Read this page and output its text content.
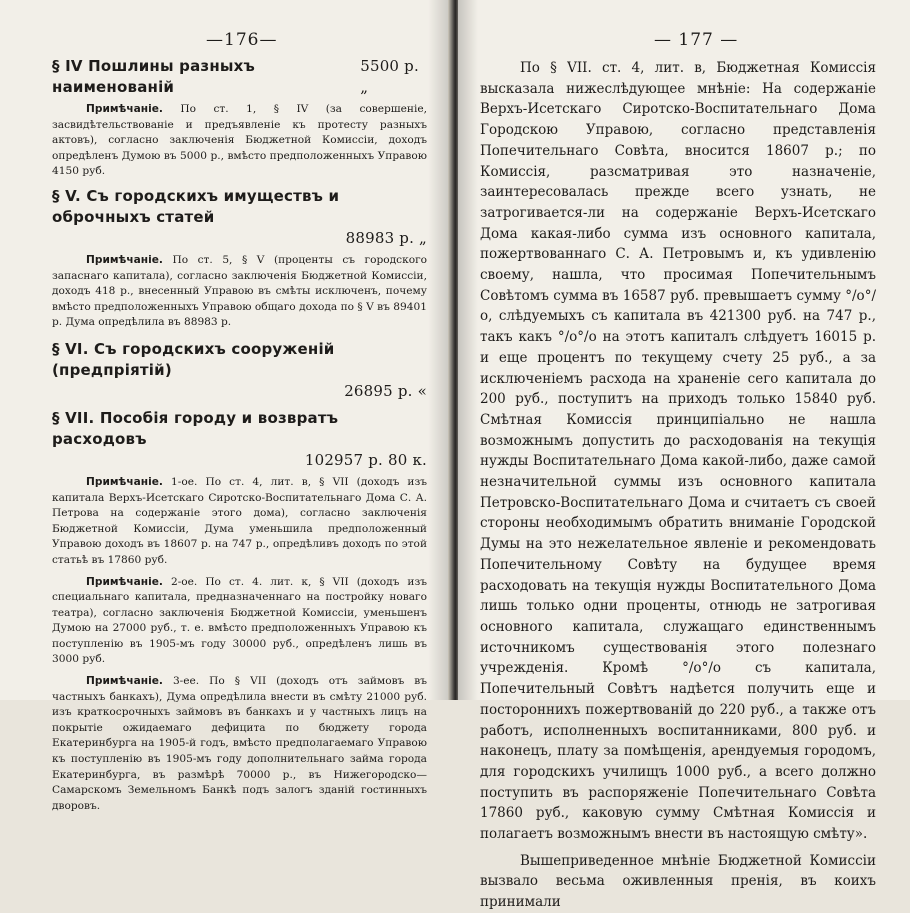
—176—
§ IV Пошлины разныхъ наименованій
5500 р. „

Примѣчаніе. По ст. 1, § IV (за совершеніе, засвидѣтельствованіе и предъявленіе къ протесту разныхъ актовъ), согласно заключенія Бюджетной Комиссіи, доходъ опредѣленъ Думою въ 5000 р., вмѣсто предположенныхъ Управою 4150 руб.

§ V. Съ городскихъ имуществъ и оброчныхъ статей
88983 р. „

Примѣчаніе. По ст. 5, § V (проценты съ городского запаснаго капитала), согласно заключенія Бюджетной Комиссіи, доходъ 418 р., внесенный Управою въ смѣты исключенъ, почему вмѣсто предположенныхъ Управою общаго дохода по § V въ 89401 р. Дума опредѣлила въ 88983 р.

§ VI. Съ городскихъ сооруженій (предпріятій)
26895 р. «
§ VII. Пособія городу и возвратъ расходовъ
102957 р. 80 к.

Примѣчаніе. 1-ое. По ст. 4, лит. в, § VII (доходъ изъ капитала Верхъ-Исетскаго Сиротско-Воспитательнаго Дома С. А. Петрова на содержаніе этого дома), согласно заключенія Бюджетной Комиссіи, Дума уменьшила предположенный Управою доходъ въ 18607 р. на 747 р., опредѣливъ доходъ по этой статьѣ въ 17860 руб.

Примѣчаніе. 2-ое. По ст. 4. лит. к, § VII (доходъ изъ специальнаго капитала, предназначеннаго на постройку новаго театра), согласно заключенія Бюджетной Комиссіи, уменьшенъ Думою на 27000 руб., т. е. вмѣсто предположенныхъ Управою къ поступленію въ 1905-мъ году 30000 руб., опредѣленъ лишь въ 3000 руб.

Примѣчаніе. 3-ее. По § VII (доходъ отъ займовъ въ частныхъ банкахъ), Дума опредѣлила внести въ смѣту 21000 руб. изъ краткосрочныхъ займовъ въ банкахъ и у частныхъ лицъ на покрытіе ожидаемаго дефицита по бюджету города Екатеринбурга на 1905-й годъ, вмѣсто предполагаемаго Управою къ поступленію въ 1905-мъ году дополнительнаго займа города Екатеринбурга, въ размѣрѣ 70000 р., въ Нижегородско—Самарскомъ Земельномъ Банкѣ подъ залогъ зданій гостинныхъ дворовъ.

— 177 —

По § VII. ст. 4, лит. в, Бюджетная Комиссія высказала нижеслѣдующее мнѣніе: На содержаніе Верхъ-Исетскаго Сиротско-Воспитательнаго Дома Городскою Управою, согласно представленія Попечительнаго Совѣта, вносится 18607 р.; по Комиссія, разсматривая это назначеніе, заинтересовалась прежде всего узнать, не затрогивается-ли на содержаніе Верхъ-Исетскаго Дома какая-либо сумма изъ основного капитала, пожертвованнаго С. А. Петровымъ и, къ удивленію своему, нашла, что просимая Попечительнымъ Совѣтомъ сумма въ 16587 руб. превышаетъ сумму °/о°/о, слѣдуемыхъ съ капитала въ 421300 руб. на 747 р., такъ какъ °/о°/о на этотъ капиталъ слѣдуетъ 16015 р. и еще процентъ по текущему счету 25 руб., а за исключеніемъ расхода на храненіе сего капитала до 200 руб., поступитъ на приходъ только 15840 руб. Смѣтная Комиссія принципіально не нашла возможнымъ допустить до расходованія на текущія нужды Воспитательнаго Дома какой-либо, даже самой незначительной суммы изъ основного капитала Петровско-Воспитательнаго Дома и считаетъ съ своей стороны необходимымъ обратить вниманіе Городской Думы на это нежелательное явленіе и рекомендовать Попечительному Совѣту на будущее время расходовать на текущія нужды Воспитательного Дома лишь только одни проценты, отнюдь не затрогивая основного капитала, служащаго единственнымъ источникомъ существованія этого полезнаго учрежденія. Кромѣ °/о°/о съ капитала, Попечительный Совѣтъ надѣется получить еще и постороннихъ пожертвованій до 220 руб., а также отъ работъ, исполненныхъ воспитанниками, 800 руб. и наконецъ, плату за помѣщенія, арендуемыя городомъ, для городскихъ училищъ 1000 руб., а всего должно поступить въ распоряженіе Попечительнаго Совѣта 17860 руб., каковую сумму Смѣтная Комиссія и полагаетъ возможнымъ внести въ настоящую смѣту».

Вышеприведенное мнѣніе Бюджетной Комиссіи вызвало весьма оживленныя пренія, въ коихъ принимали
